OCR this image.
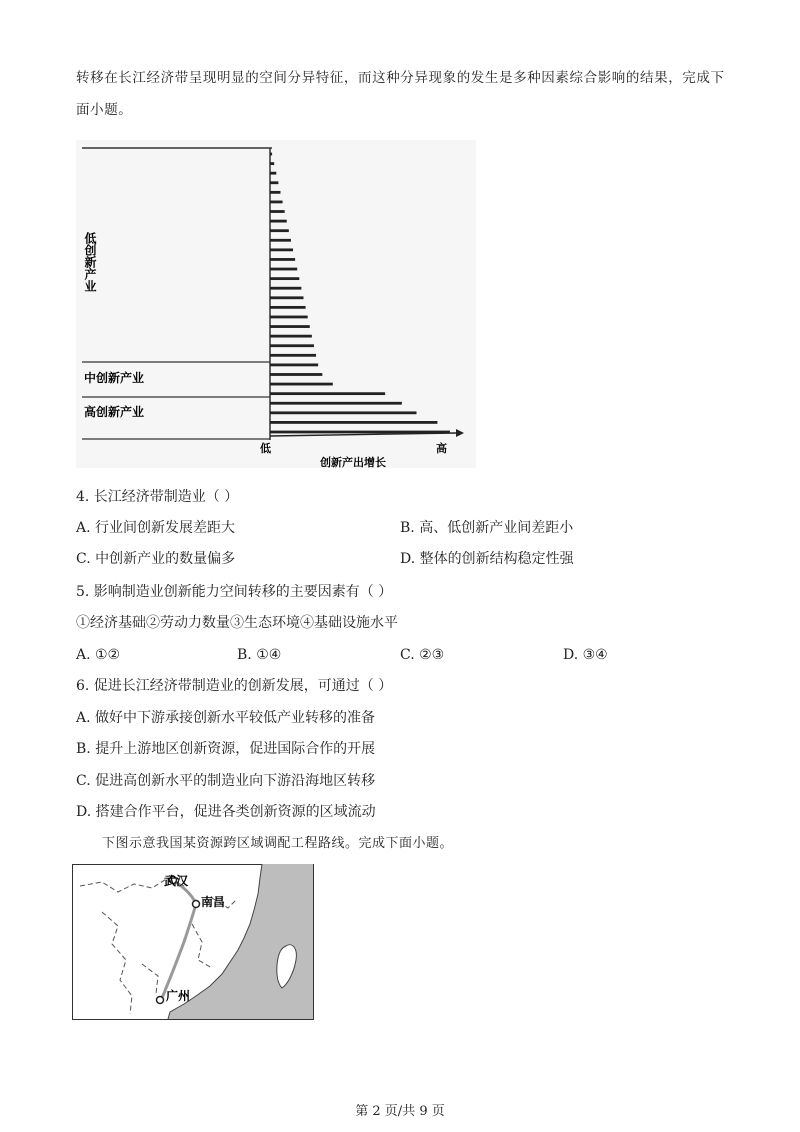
转移在长江经济带呈现明显的空间分异特征，而这种分异现象的发生是多种因素综合影响的结果，完成下
面小题。
低创新产业
中创新产业
高创新产业
低	高
创新产出增长
4. 长江经济带制造业（ ）
A. 行业间创新发展差距大	B. 高、低创新产业间差距小
C. 中创新产业的数量偏多	D. 整体的创新结构稳定性强
5. 影响制造业创新能力空间转移的主要因素有（ ）
①经济基础②劳动力数量③生态环境④基础设施水平
A. ①②	B. ①④	C. ②③	D. ③④
6. 促进长江经济带制造业的创新发展，可通过（ ）
A. 做好中下游承接创新水平较低产业转移的准备
B. 提升上游地区创新资源，促进国际合作的开展
C. 促进高创新水平的制造业向下游沿海地区转移
D. 搭建合作平台，促进各类创新资源的区域流动
下图示意我国某资源跨区域调配工程路线。完成下面小题。
武汉
南昌
广州
第 2 页/共 9 页
